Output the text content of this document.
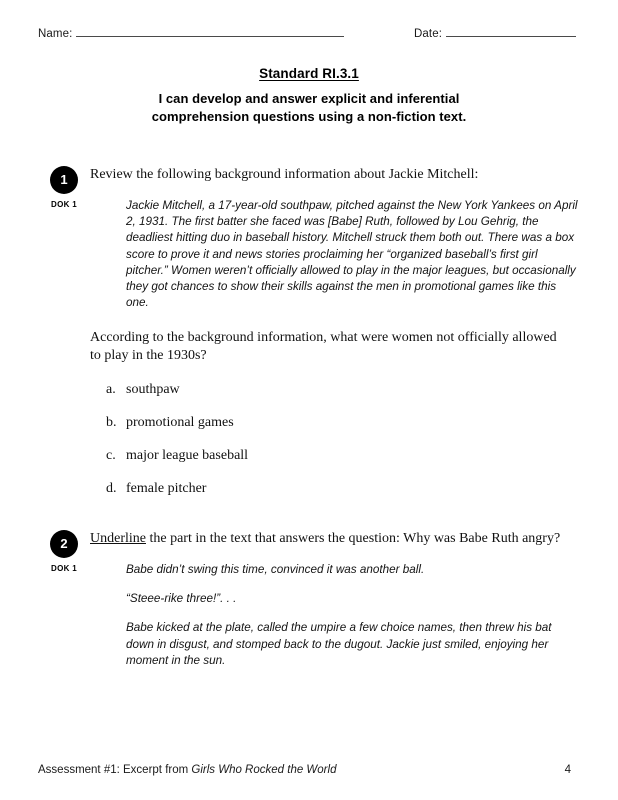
Name:	Date:
Standard RI.3.1
I can develop and answer explicit and inferential
comprehension questions using a non-fiction text.
1
DOK 1
Review the following background information about Jackie Mitchell:

Jackie Mitchell, a 17-year-old southpaw, pitched against the New York Yankees on April 2, 1931. The first batter she faced was [Babe] Ruth, followed by Lou Gehrig, the deadliest hitting duo in baseball history. Mitchell struck them both out. There was a box score to prove it and news stories proclaiming her “organized baseball’s first girl pitcher.” Women weren’t officially allowed to play in the major leagues, but occasionally they got chances to show their skills against the men in promotional games like this one.

According to the background information, what were women not officially allowed to play in the 1930s?
a. southpaw
b. promotional games
c. major league baseball
d. female pitcher
2
DOK 1
Underline the part in the text that answers the question: Why was Babe Ruth angry?

Babe didn’t swing this time, convinced it was another ball.

“Steee-rike three!”. . .

Babe kicked at the plate, called the umpire a few choice names, then threw his bat down in disgust, and stomped back to the dugout. Jackie just smiled, enjoying her moment in the sun.

Assessment #1: Excerpt from Girls Who Rocked the World	4
